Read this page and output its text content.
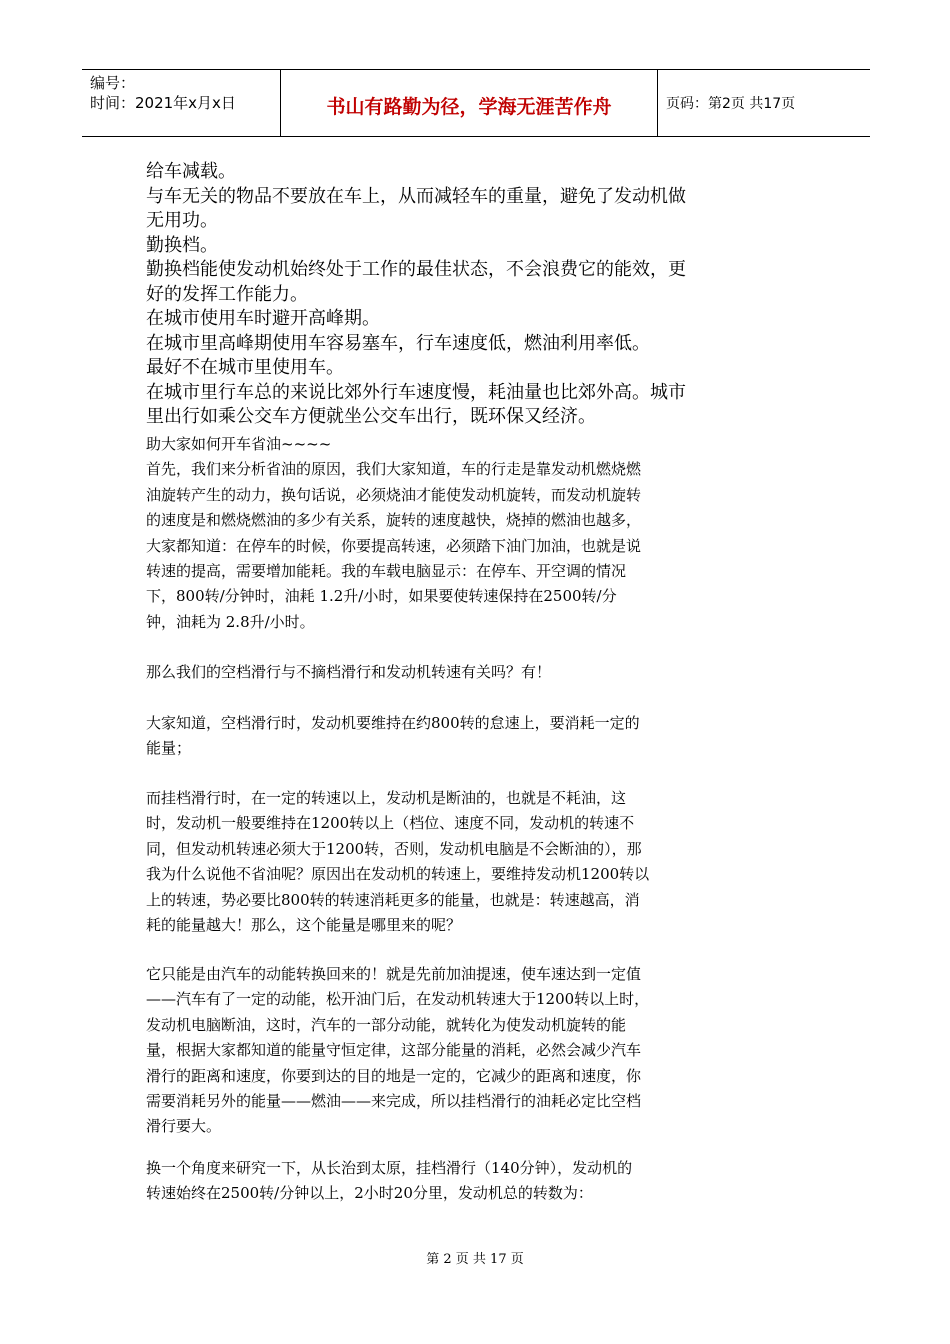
编号：
时间：2021年x月x日	书山有路勤为径，学海无涯苦作舟	页码：第2页 共17页
给车减载。
与车无关的物品不要放在车上，从而减轻车的重量，避免了发动机做
无用功。
勤换档。
勤换档能使发动机始终处于工作的最佳状态，不会浪费它的能效，更
好的发挥工作能力。
在城市使用车时避开高峰期。
在城市里高峰期使用车容易塞车，行车速度低，燃油利用率低。
最好不在城市里使用车。
在城市里行车总的来说比郊外行车速度慢，耗油量也比郊外高。城市
里出行如乘公交车方便就坐公交车出行，既环保又经济。
助大家如何开车省油~~~~
首先，我们来分析省油的原因，我们大家知道，车的行走是靠发动机燃烧燃
油旋转产生的动力，换句话说，必须烧油才能使发动机旋转，而发动机旋转
的速度是和燃烧燃油的多少有关系，旋转的速度越快，烧掉的燃油也越多，
大家都知道：在停车的时候，你要提高转速，必须踏下油门加油，也就是说
转速的提高，需要增加能耗。我的车载电脑显示：在停车、开空调的情况
下，800转/分钟时，油耗 1.2升/小时，如果要使转速保持在2500转/分
钟，油耗为 2.8升/小时。
那么我们的空档滑行与不摘档滑行和发动机转速有关吗？有！
大家知道，空档滑行时，发动机要维持在约800转的怠速上，要消耗一定的
能量；
而挂档滑行时，在一定的转速以上，发动机是断油的，也就是不耗油，这
时，发动机一般要维持在1200转以上（档位、速度不同，发动机的转速不
同，但发动机转速必须大于1200转，否则，发动机电脑是不会断油的），那
我为什么说他不省油呢？原因出在发动机的转速上，要维持发动机1200转以
上的转速，势必要比800转的转速消耗更多的能量，也就是：转速越高，消
耗的能量越大！那么，这个能量是哪里来的呢？
它只能是由汽车的动能转换回来的！就是先前加油提速，使车速达到一定值
——汽车有了一定的动能，松开油门后，在发动机转速大于1200转以上时，
发动机电脑断油，这时，汽车的一部分动能，就转化为使发动机旋转的能
量，根据大家都知道的能量守恒定律，这部分能量的消耗，必然会减少汽车
滑行的距离和速度，你要到达的目的地是一定的，它减少的距离和速度，你
需要消耗另外的能量——燃油——来完成，所以挂档滑行的油耗必定比空档
滑行要大。
换一个角度来研究一下，从长治到太原，挂档滑行（140分钟），发动机的
转速始终在2500转/分钟以上，2小时20分里，发动机总的转数为：
第 2 页 共 17 页
